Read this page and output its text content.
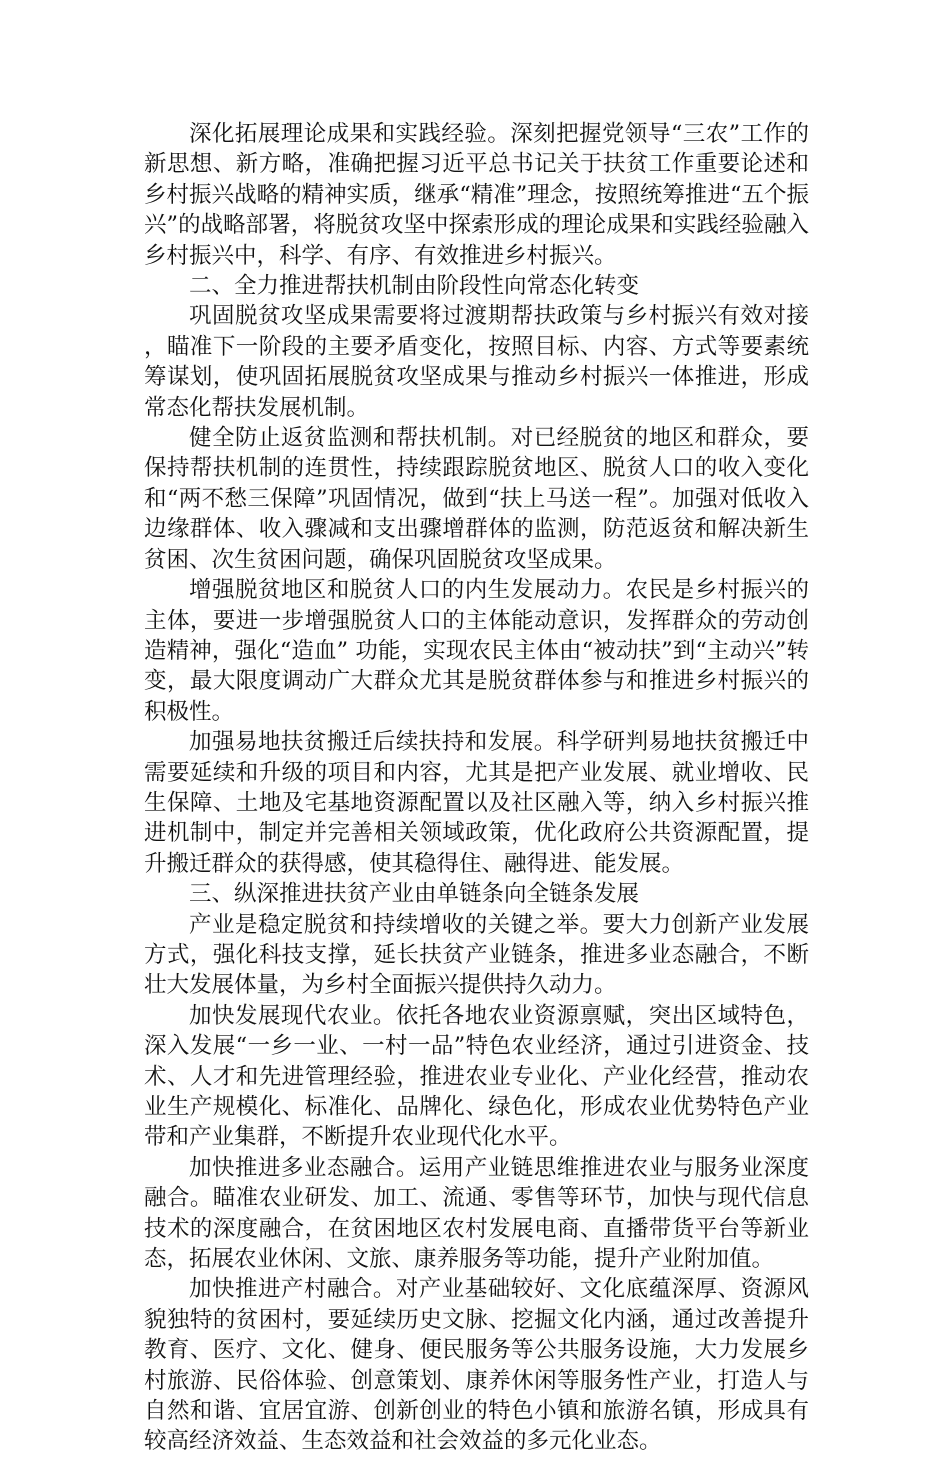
深化拓展理论成果和实践经验。深刻把握党领导“三农”工作的新思想、新方略，准确把握习近平总书记关于扶贫工作重要论述和乡村振兴战略的精神实质，继承“精准”理念，按照统筹推进“五个振兴”的战略部署，将脱贫攻坚中探索形成的理论成果和实践经验融入乡村振兴中，科学、有序、有效推进乡村振兴。

二、全力推进帮扶机制由阶段性向常态化转变

巩固脱贫攻坚成果需要将过渡期帮扶政策与乡村振兴有效对接，瞄准下一阶段的主要矛盾变化，按照目标、内容、方式等要素统筹谋划，使巩固拓展脱贫攻坚成果与推动乡村振兴一体推进，形成常态化帮扶发展机制。

健全防止返贫监测和帮扶机制。对已经脱贫的地区和群众，要保持帮扶机制的连贯性，持续跟踪脱贫地区、脱贫人口的收入变化和“两不愁三保障”巩固情况，做到“扶上马送一程”。加强对低收入边缘群体、收入骤减和支出骤增群体的监测，防范返贫和解决新生贫困、次生贫困问题，确保巩固脱贫攻坚成果。

增强脱贫地区和脱贫人口的内生发展动力。农民是乡村振兴的主体，要进一步增强脱贫人口的主体能动意识，发挥群众的劳动创造精神，强化“造血” 功能，实现农民主体由“被动扶”到“主动兴”转变，最大限度调动广大群众尤其是脱贫群体参与和推进乡村振兴的积极性。

加强易地扶贫搬迁后续扶持和发展。科学研判易地扶贫搬迁中需要延续和升级的项目和内容，尤其是把产业发展、就业增收、民生保障、土地及宅基地资源配置以及社区融入等，纳入乡村振兴推进机制中，制定并完善相关领域政策，优化政府公共资源配置，提升搬迁群众的获得感，使其稳得住、融得进、能发展。

三、纵深推进扶贫产业由单链条向全链条发展

产业是稳定脱贫和持续增收的关键之举。要大力创新产业发展方式，强化科技支撑，延长扶贫产业链条，推进多业态融合，不断壮大发展体量，为乡村全面振兴提供持久动力。

加快发展现代农业。依托各地农业资源禀赋，突出区域特色，深入发展“一乡一业、一村一品”特色农业经济，通过引进资金、技术、人才和先进管理经验，推进农业专业化、产业化经营，推动农业生产规模化、标准化、品牌化、绿色化，形成农业优势特色产业带和产业集群，不断提升农业现代化水平。

加快推进多业态融合。运用产业链思维推进农业与服务业深度融合。瞄准农业研发、加工、流通、零售等环节，加快与现代信息技术的深度融合，在贫困地区农村发展电商、直播带货平台等新业态，拓展农业休闲、文旅、康养服务等功能，提升产业附加值。

加快推进产村融合。对产业基础较好、文化底蕴深厚、资源风貌独特的贫困村，要延续历史文脉、挖掘文化内涵，通过改善提升教育、医疗、文化、健身、便民服务等公共服务设施，大力发展乡村旅游、民俗体验、创意策划、康养休闲等服务性产业，打造人与自然和谐、宜居宜游、创新创业的特色小镇和旅游名镇，形成具有较高经济效益、生态效益和社会效益的多元化业态。
